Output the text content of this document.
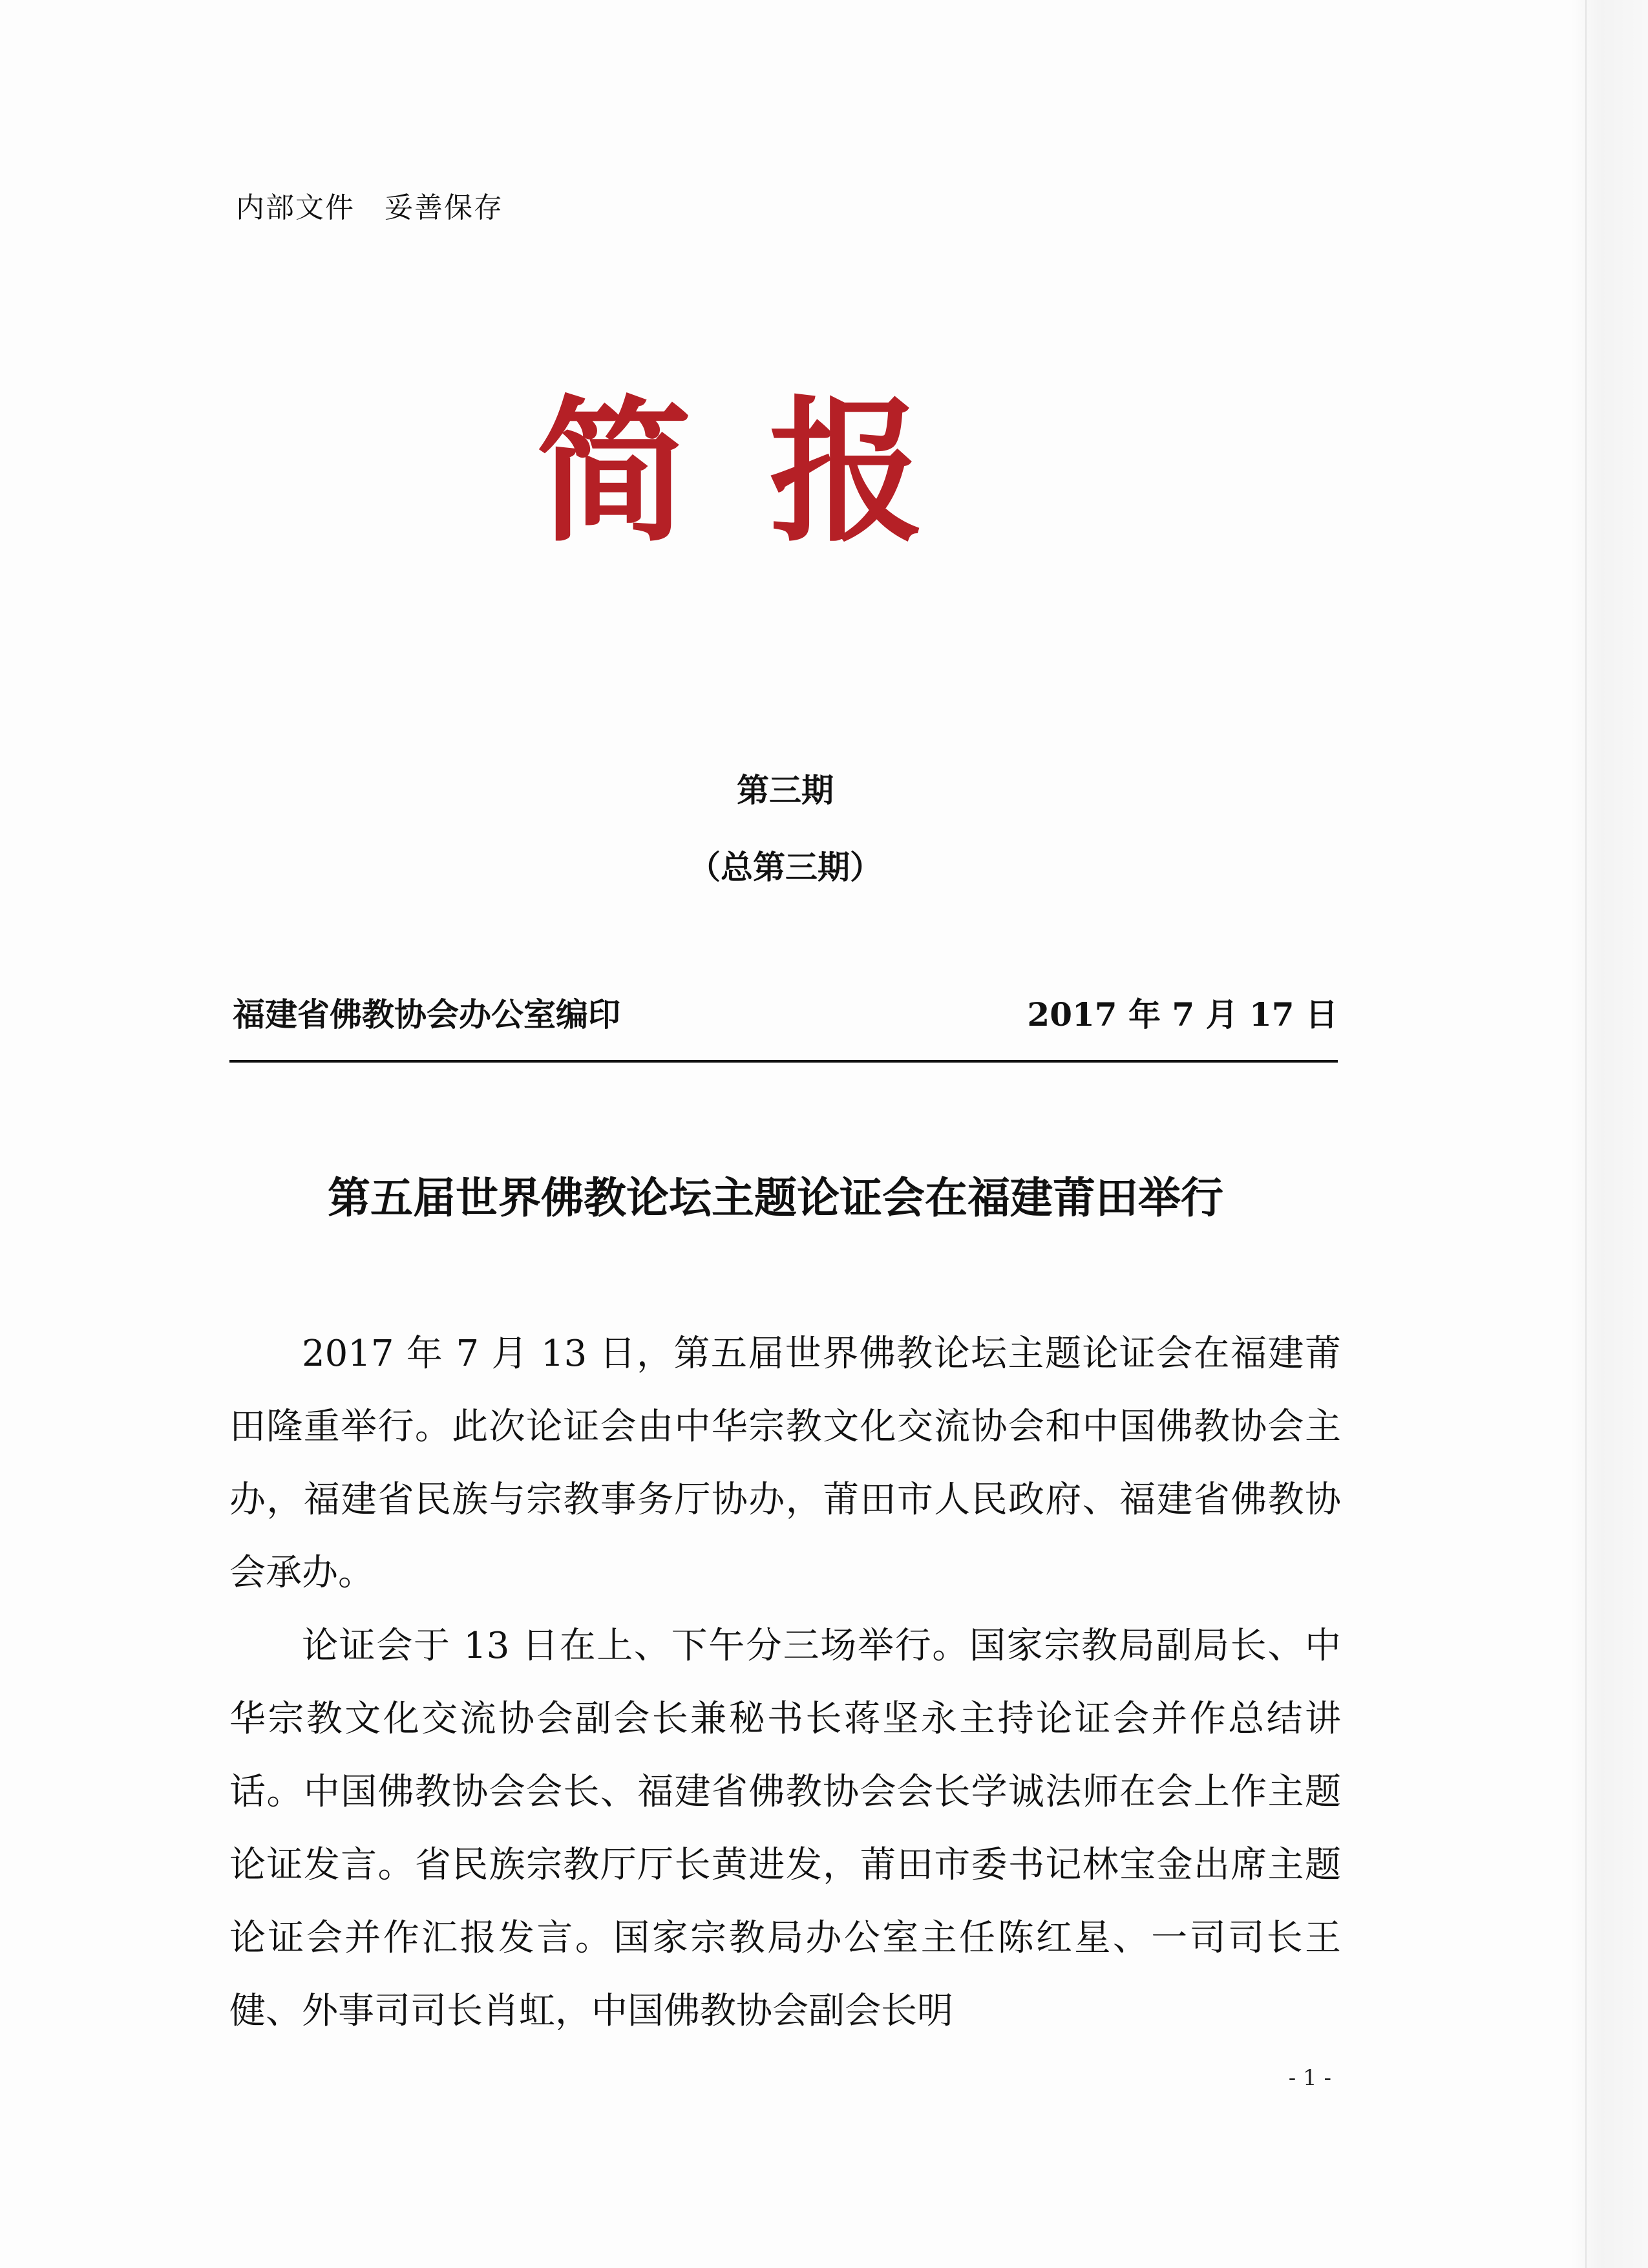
内部文件　妥善保存
简报
第三期
（总第三期）
福建省佛教协会办公室编印	2017 年 7 月 17 日
第五届世界佛教论坛主题论证会在福建莆田举行

2017 年 7 月 13 日，第五届世界佛教论坛主题论证会在福建莆田隆重举行。此次论证会由中华宗教文化交流协会和中国佛教协会主办，福建省民族与宗教事务厅协办，莆田市人民政府、福建省佛教协会承办。

论证会于 13 日在上、下午分三场举行。国家宗教局副局长、中华宗教文化交流协会副会长兼秘书长蒋坚永主持论证会并作总结讲话。中国佛教协会会长、福建省佛教协会会长学诚法师在会上作主题论证发言。省民族宗教厅厅长黄进发，莆田市委书记林宝金出席主题论证会并作汇报发言。国家宗教局办公室主任陈红星、一司司长王健、外事司司长肖虹，中国佛教协会副会长明

- 1 -
